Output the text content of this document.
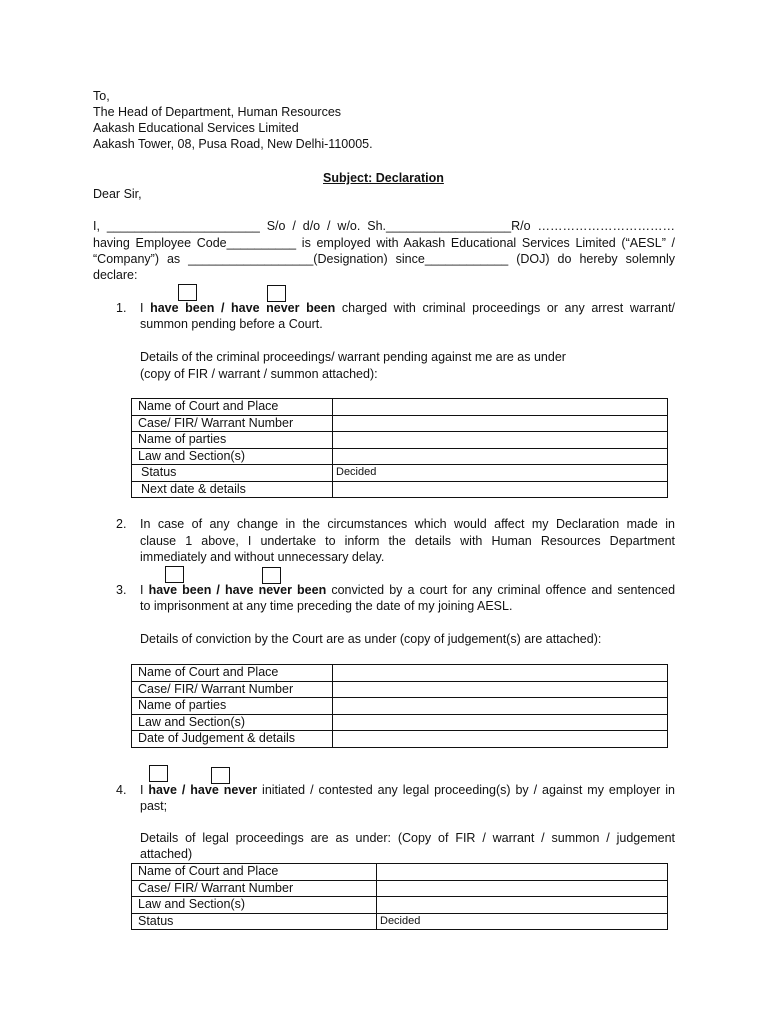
To,
The Head of Department, Human Resources
Aakash Educational Services Limited
Aakash Tower, 08, Pusa Road, New Delhi-110005.
Subject: Declaration
Dear Sir,
I, ______________________ S/o / d/o / w/o. Sh.__________________R/o ……………………………
having Employee Code__________ is employed with Aakash Educational Services Limited (“AESL” /
“Company”) as __________________(Designation) since____________ (DOJ) do hereby solemnly
declare:
1. I have been / have never been charged with criminal proceedings or any arrest warrant/
summon pending before a Court.
Details of the criminal proceedings/ warrant pending against me are as under
(copy of FIR / warrant / summon attached):
Name of Court and Place	
Case/ FIR/ Warrant Number	
Name of parties	
Law and Section(s)	
Status	Decided
Next date & details	
2. In case of any change in the circumstances which would affect my Declaration made in
clause 1 above, I undertake to inform the details with Human Resources Department
immediately and without unnecessary delay.
3. I have been / have never been convicted by a court for any criminal offence and sentenced
to imprisonment at any time preceding the date of my joining AESL.
Details of conviction by the Court are as under (copy of judgement(s) are attached):
Name of Court and Place	
Case/ FIR/ Warrant Number	
Name of parties	
Law and Section(s)	
Date of Judgement & details	
4. I have / have never initiated / contested any legal proceeding(s) by / against my employer in
past;
Details of legal proceedings are as under: (Copy of FIR / warrant / summon / judgement
attached)
Name of Court and Place	
Case/ FIR/ Warrant Number	
Law and Section(s)	
Status	Decided
